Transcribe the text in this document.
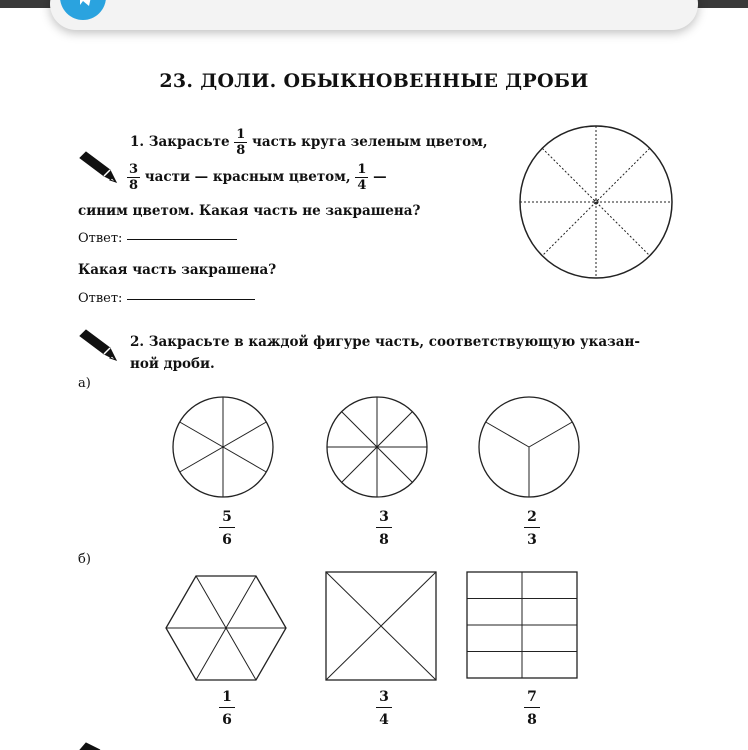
23. ДОЛИ. ОБЫКНОВЕННЫЕ ДРОБИ
1. Закрасьте $\frac{1}{8}$ часть круга зеленым цветом,
$\frac{3}{8}$ части — красным цветом, $\frac{1}{4}$ —
синим цветом. Какая часть не закрашена?
Ответ:
Какая часть закрашена?
Ответ:
2. Закрасьте в каждой фигуре часть, соответствующую указан-
ной дроби.
а)
б)
$\frac{5}{6}$	$\frac{3}{8}$	$\frac{2}{3}$
$\frac{1}{6}$	$\frac{3}{4}$	$\frac{7}{8}$
